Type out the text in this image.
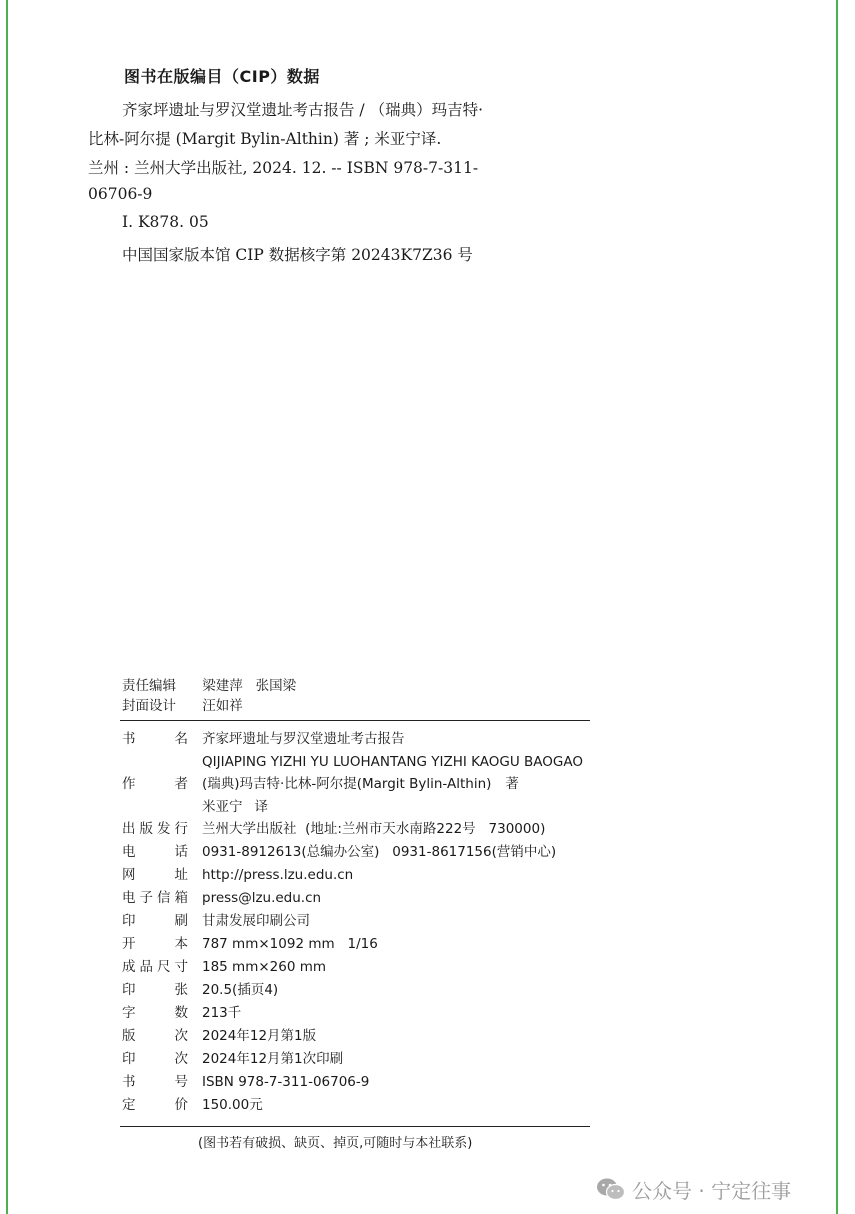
图书在版编目（CIP）数据
齐家坪遗址与罗汉堂遗址考古报告 / （瑞典）玛吉特·
比林-阿尔提 (Margit Bylin-Althin) 著 ; 米亚宁译.
兰州 : 兰州大学出版社, 2024. 12. -- ISBN 978-7-311-
06706-9
Ⅰ. K878. 05
中国国家版本馆 CIP 数据核字第 20243K7Z36 号
责任编辑 梁建萍   张国梁
封面设计 汪如祥
书	名 齐家坪遗址与罗汉堂遗址考古报告
QIJIAPING YIZHI YU LUOHANTANG YIZHI KAOGU BAOGAO
作	者 (瑞典)玛吉特·比林-阿尔提(Margit Bylin-Althin) 著
米亚宁 译
出 版 发 行 兰州大学出版社  (地址:兰州市天水南路222号   730000)
电	话 0931-8912613(总编办公室)   0931-8617156(营销中心)
网	址 http://press.lzu.edu.cn
电 子 信 箱 press@lzu.edu.cn
印	刷 甘肃发展印刷公司
开	本 787 mm×1092 mm   1/16
成 品 尺 寸 185 mm×260 mm
印	张 20.5(插页4)
字	数 213千
版	次 2024年12月第1版
印	次 2024年12月第1次印刷
书	号 ISBN 978-7-311-06706-9
定	价 150.00元
(图书若有破损、缺页、掉页,可随时与本社联系)
公众号 · 宁定往事
